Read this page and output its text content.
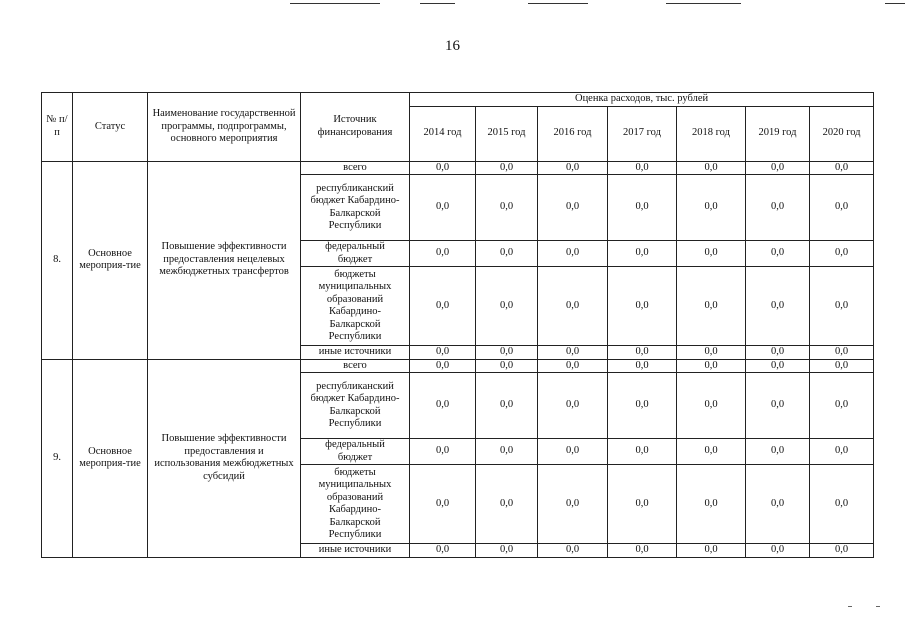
16
№ п/п	Статус	Наименование государственной программы, подпрограммы, основного мероприятия	Источник финансирования	Оценка расходов, тыс. рублей						
				2014 год	2015 год	2016 год	2017 год	2018 год	2019 год	2020 год
8.	Основное мероприя-тие	Повышение эффективности предоставления нецелевых межбюджетных трансфертов	всего	0,0	0,0	0,0	0,0	0,0	0,0	0,0
			республиканский бюджет Кабардино-Балкарской Республики	0,0	0,0	0,0	0,0	0,0	0,0	0,0
			федеральный бюджет	0,0	0,0	0,0	0,0	0,0	0,0	0,0
			бюджеты муниципальных образований Кабардино-Балкарской Республики	0,0	0,0	0,0	0,0	0,0	0,0	0,0
			иные источники	0,0	0,0	0,0	0,0	0,0	0,0	0,0
9.	Основное мероприя-тие	Повышение эффективности предоставления и использования межбюджетных субсидий	всего	0,0	0,0	0,0	0,0	0,0	0,0	0,0
			республиканский бюджет Кабардино-Балкарской Республики	0,0	0,0	0,0	0,0	0,0	0,0	0,0
			федеральный бюджет	0,0	0,0	0,0	0,0	0,0	0,0	0,0
			бюджеты муниципальных образований Кабардино-Балкарской Республики	0,0	0,0	0,0	0,0	0,0	0,0	0,0
			иные источники	0,0	0,0	0,0	0,0	0,0	0,0	0,0
